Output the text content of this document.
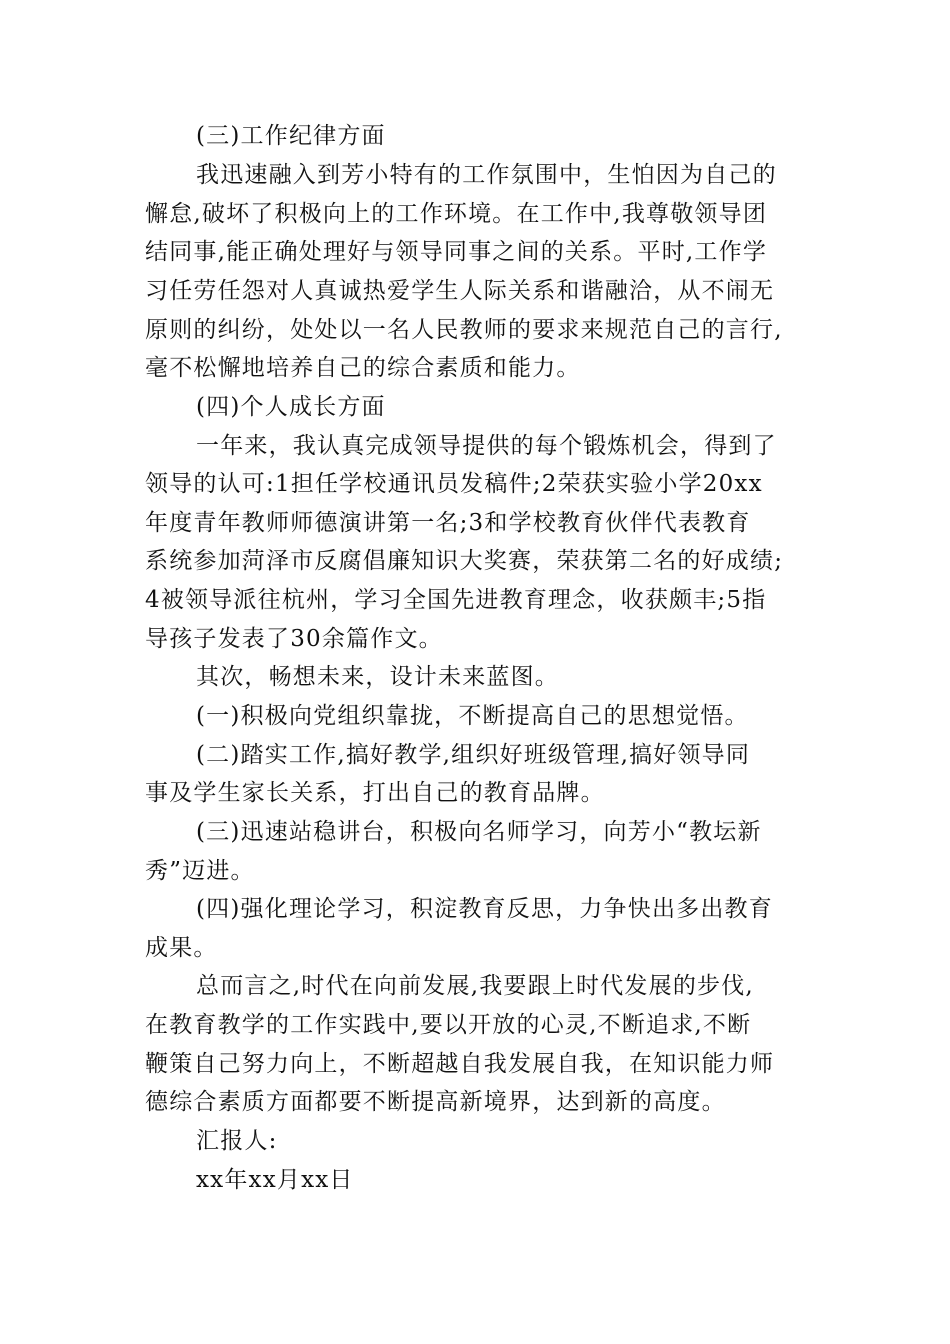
(三)工作纪律方面
我迅速融入到芳小特有的工作氛围中，生怕因为自己的
懈怠,破坏了积极向上的工作环境。在工作中,我尊敬领导团
结同事,能正确处理好与领导同事之间的关系。平时,工作学
习任劳任怨对人真诚热爱学生人际关系和谐融洽，从不闹无
原则的纠纷，处处以一名人民教师的要求来规范自己的言行,
毫不松懈地培养自己的综合素质和能力。
(四)个人成长方面
一年来，我认真完成领导提供的每个锻炼机会，得到了
领导的认可:1担任学校通讯员发稿件;2荣获实验小学20xx
年度青年教师师德演讲第一名;3和学校教育伙伴代表教育
系统参加菏泽市反腐倡廉知识大奖赛，荣获第二名的好成绩;
4被领导派往杭州，学习全国先进教育理念，收获颇丰;5指
导孩子发表了30余篇作文。
其次，畅想未来，设计未来蓝图。
(一)积极向党组织靠拢，不断提高自己的思想觉悟。
(二)踏实工作,搞好教学,组织好班级管理,搞好领导同
事及学生家长关系，打出自己的教育品牌。
(三)迅速站稳讲台，积极向名师学习，向芳小“教坛新
秀”迈进。
(四)强化理论学习，积淀教育反思，力争快出多出教育
成果。
总而言之,时代在向前发展,我要跟上时代发展的步伐,
在教育教学的工作实践中,要以开放的心灵,不断追求,不断
鞭策自己努力向上，不断超越自我发展自我，在知识能力师
德综合素质方面都要不断提高新境界，达到新的高度。
汇报人:
xx年xx月xx日
